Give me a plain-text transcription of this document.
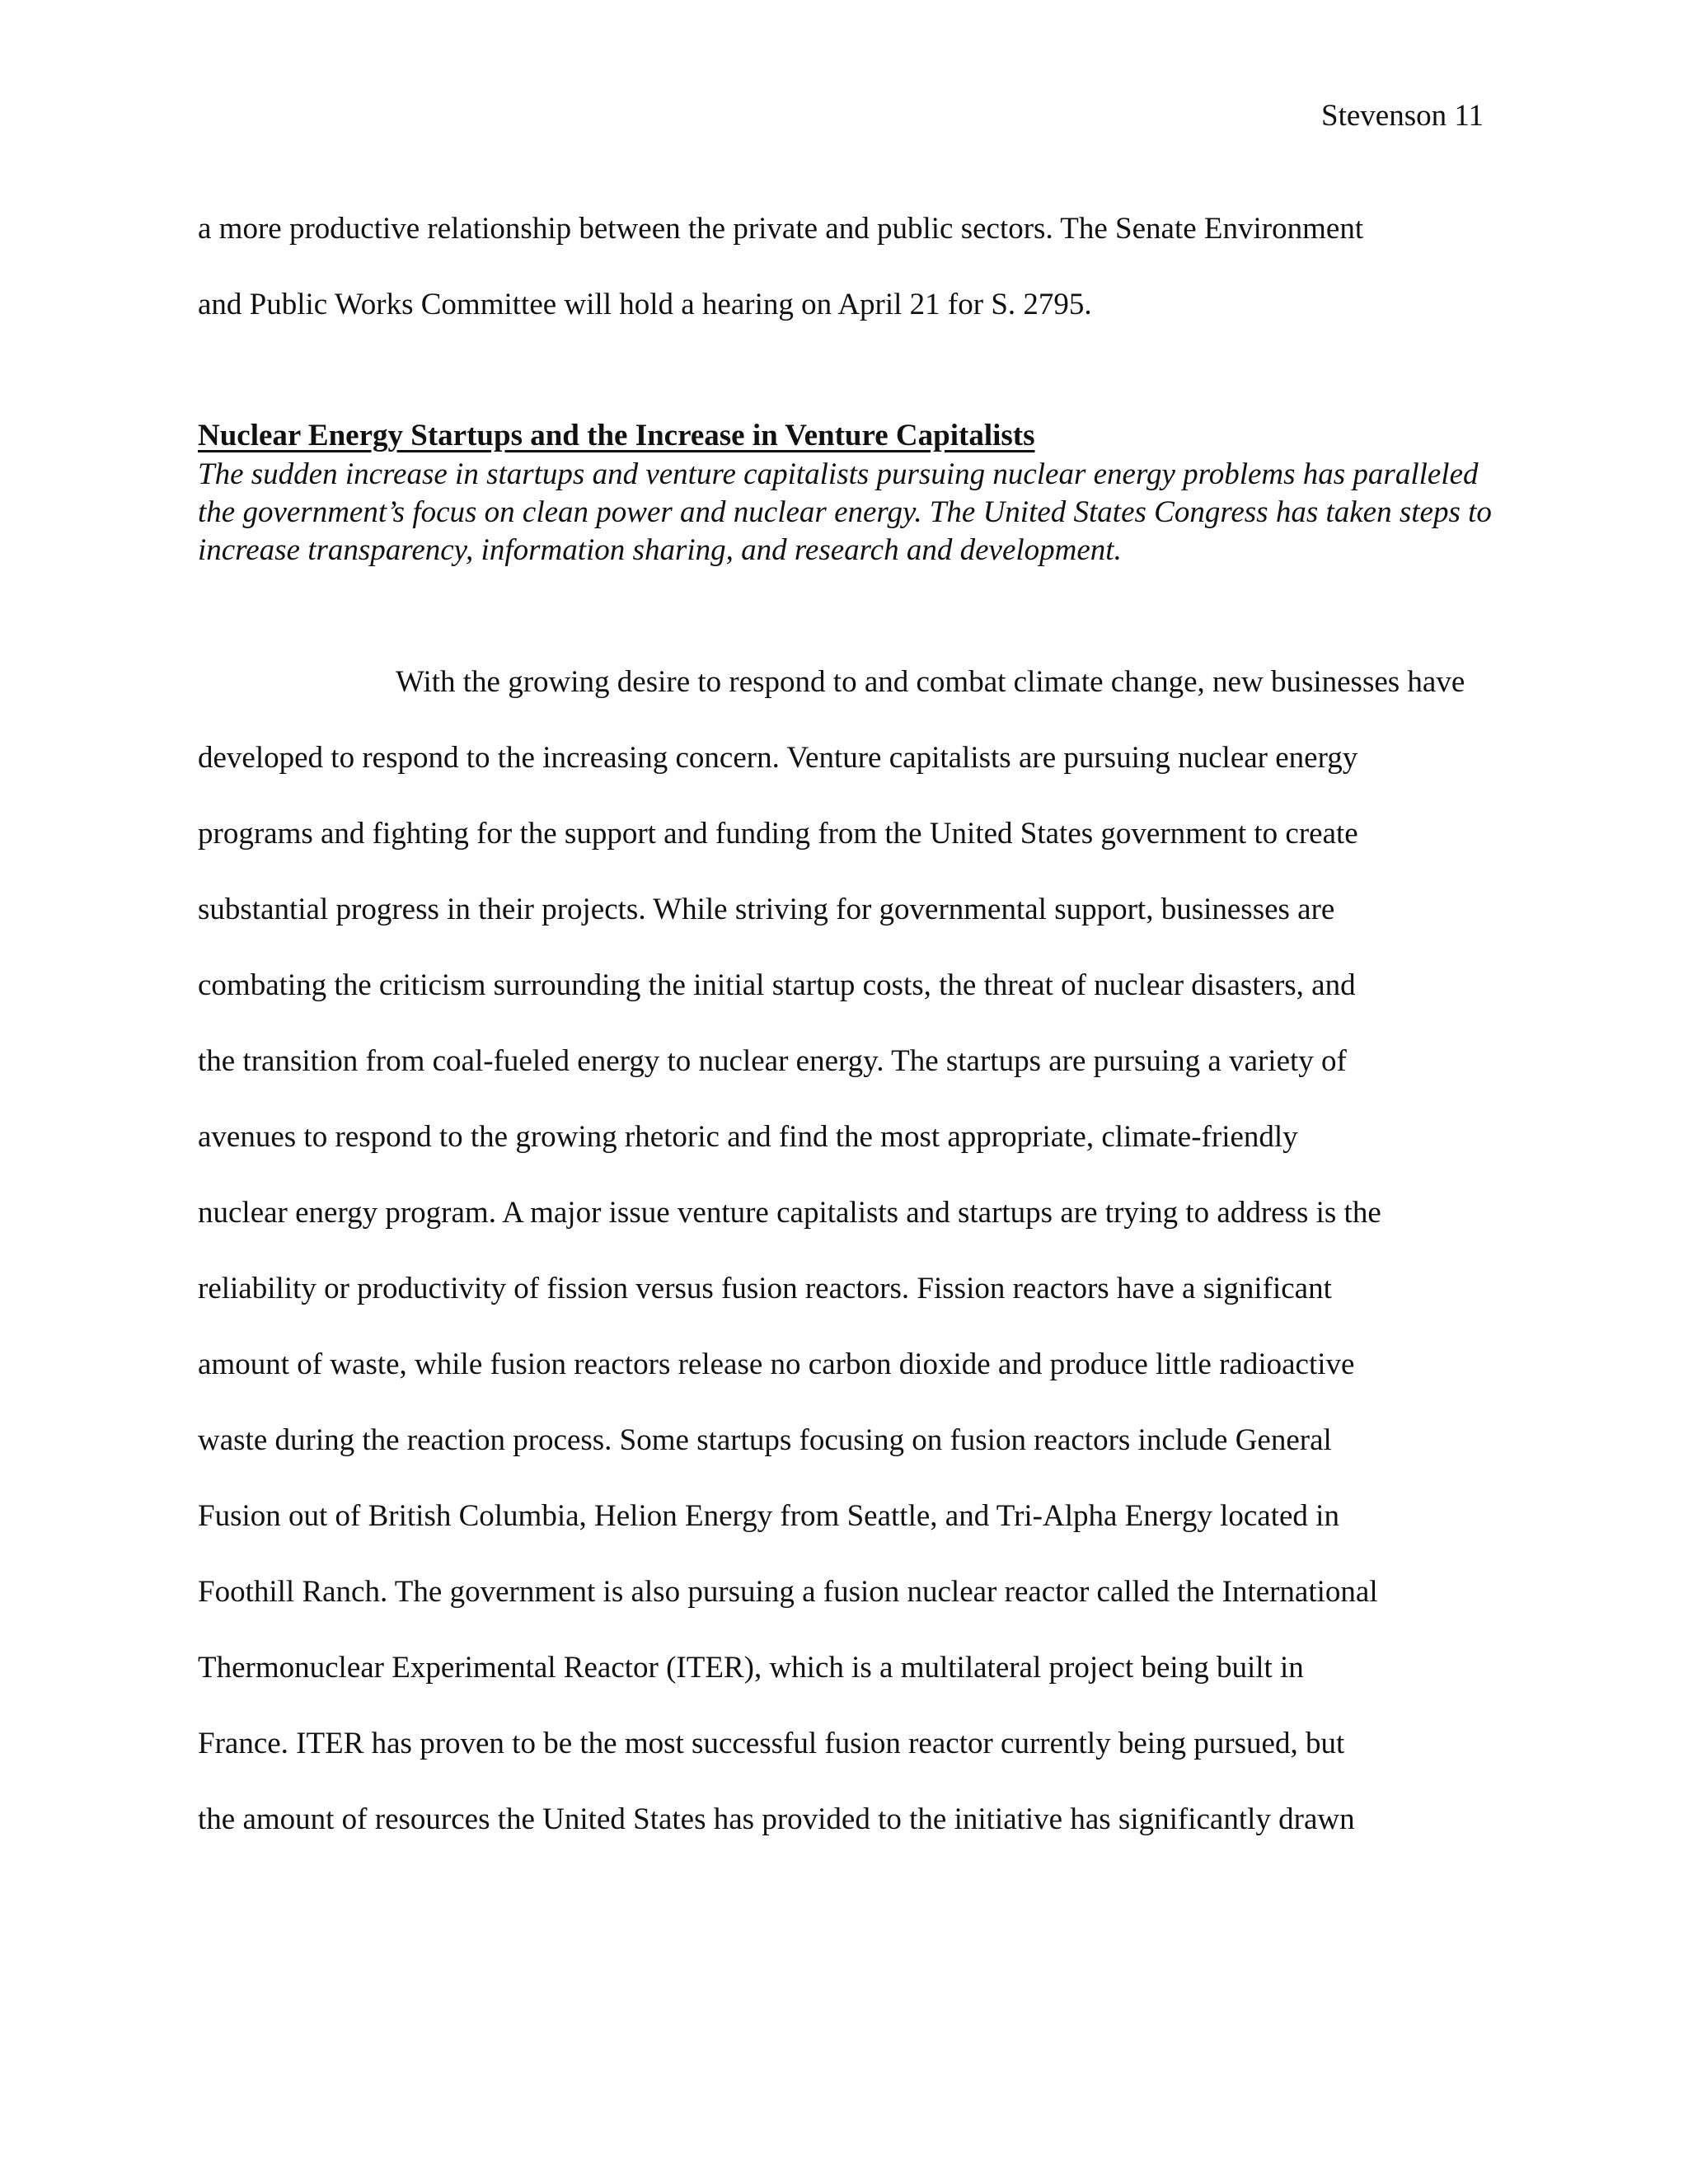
Stevenson 11

a more productive relationship between the private and public sectors. The Senate Environment
and Public Works Committee will hold a hearing on April 21 for S. 2795.

Nuclear Energy Startups and the Increase in Venture Capitalists

The sudden increase in startups and venture capitalists pursuing nuclear energy problems has paralleled the government’s focus on clean power and nuclear energy. The United States Congress has taken steps to increase transparency, information sharing, and research and development.

With the growing desire to respond to and combat climate change, new businesses have
developed to respond to the increasing concern. Venture capitalists are pursuing nuclear energy
programs and fighting for the support and funding from the United States government to create
substantial progress in their projects. While striving for governmental support, businesses are
combating the criticism surrounding the initial startup costs, the threat of nuclear disasters, and
the transition from coal-fueled energy to nuclear energy. The startups are pursuing a variety of
avenues to respond to the growing rhetoric and find the most appropriate, climate-friendly
nuclear energy program. A major issue venture capitalists and startups are trying to address is the
reliability or productivity of fission versus fusion reactors. Fission reactors have a significant
amount of waste, while fusion reactors release no carbon dioxide and produce little radioactive
waste during the reaction process. Some startups focusing on fusion reactors include General
Fusion out of British Columbia, Helion Energy from Seattle, and Tri-Alpha Energy located in
Foothill Ranch. The government is also pursuing a fusion nuclear reactor called the International
Thermonuclear Experimental Reactor (ITER), which is a multilateral project being built in
France. ITER has proven to be the most successful fusion reactor currently being pursued, but
the amount of resources the United States has provided to the initiative has significantly drawn
